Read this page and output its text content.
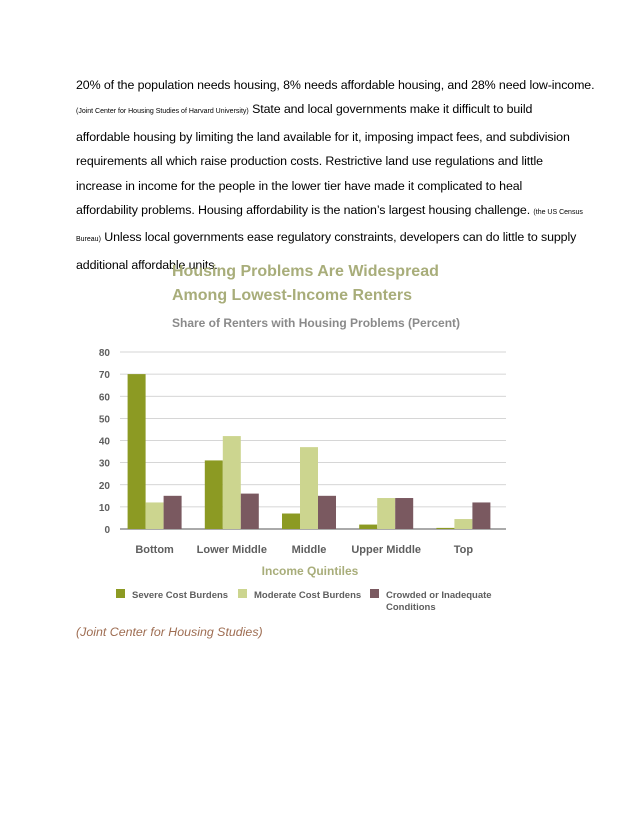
20% of the population needs housing, 8% needs affordable housing, and 28% need low-income.
(Joint Center for Housing Studies of Harvard University) State and local governments make it difficult to build
affordable housing by limiting the land available for it, imposing impact fees, and subdivision
requirements all which raise production costs. Restrictive land use regulations and little
increase in income for the people in the lower tier have made it complicated to heal
affordability problems. Housing affordability is the nation’s largest housing challenge. (the US Census
Bureau) Unless local governments ease regulatory constraints, developers can do little to supply
additional affordable units.
Housing Problems Are Widespread
Among Lowest-Income Renters
Share of Renters with Housing Problems (Percent)
0
10
20
30
40
50
60
70
80
Bottom Lower Middle Middle Upper Middle	Top
Income Quintiles
Severe Cost Burdens	Moderate Cost Burdens	Crowded or Inadequate Conditions
(Joint Center for Housing Studies)
